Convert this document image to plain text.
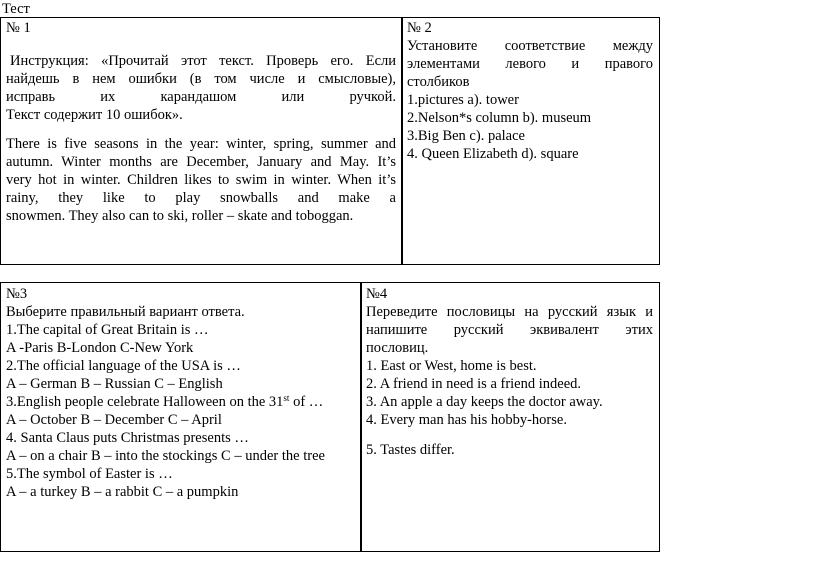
Тест
№ 1

Инструкция: «Прочитай этот текст. Проверь его. Если

найдешь в нем ошибки (в том числе и смысловые),

исправь их карандашом или ручкой.

Текст содержит 10 ошибок».

There is five seasons in the year: winter, spring, summer and

autumn. Winter months are December, January and May. It’s

very hot in winter. Children likes to swim in winter. When it’s

rainy, they like to play snowballs and make a

snowmen. They also can to ski, roller – skate and toboggan.

№ 2

Установите соответствие между

элементами левого и правого

столбиков

1.pictures a). tower

2.Nelson*s column b). museum

3.Big Ben c). palace

4. Queen Elizabeth d). square

№3

Выберите правильный вариант ответа.

1.The capital of Great Britain is …

A -Paris B-London C-New York

2.The official language of the USA is …

A – German B – Russian C – English

3.English people celebrate Halloween on the 31st of …

A – October B – December C – April

4. Santa Claus puts Christmas presents …

A – on a chair B – into the stockings C – under the tree

5.The symbol of Easter is …

A – a turkey B – a rabbit C – a pumpkin

№4

Переведите пословицы на русский язык и

напишите русский эквивалент этих

пословиц.

1. East or West, home is best.

2. A friend in need is a friend indeed.

3. An apple a day keeps the doctor away.

4. Every man has his hobby-horse.

5. Tastes differ.
